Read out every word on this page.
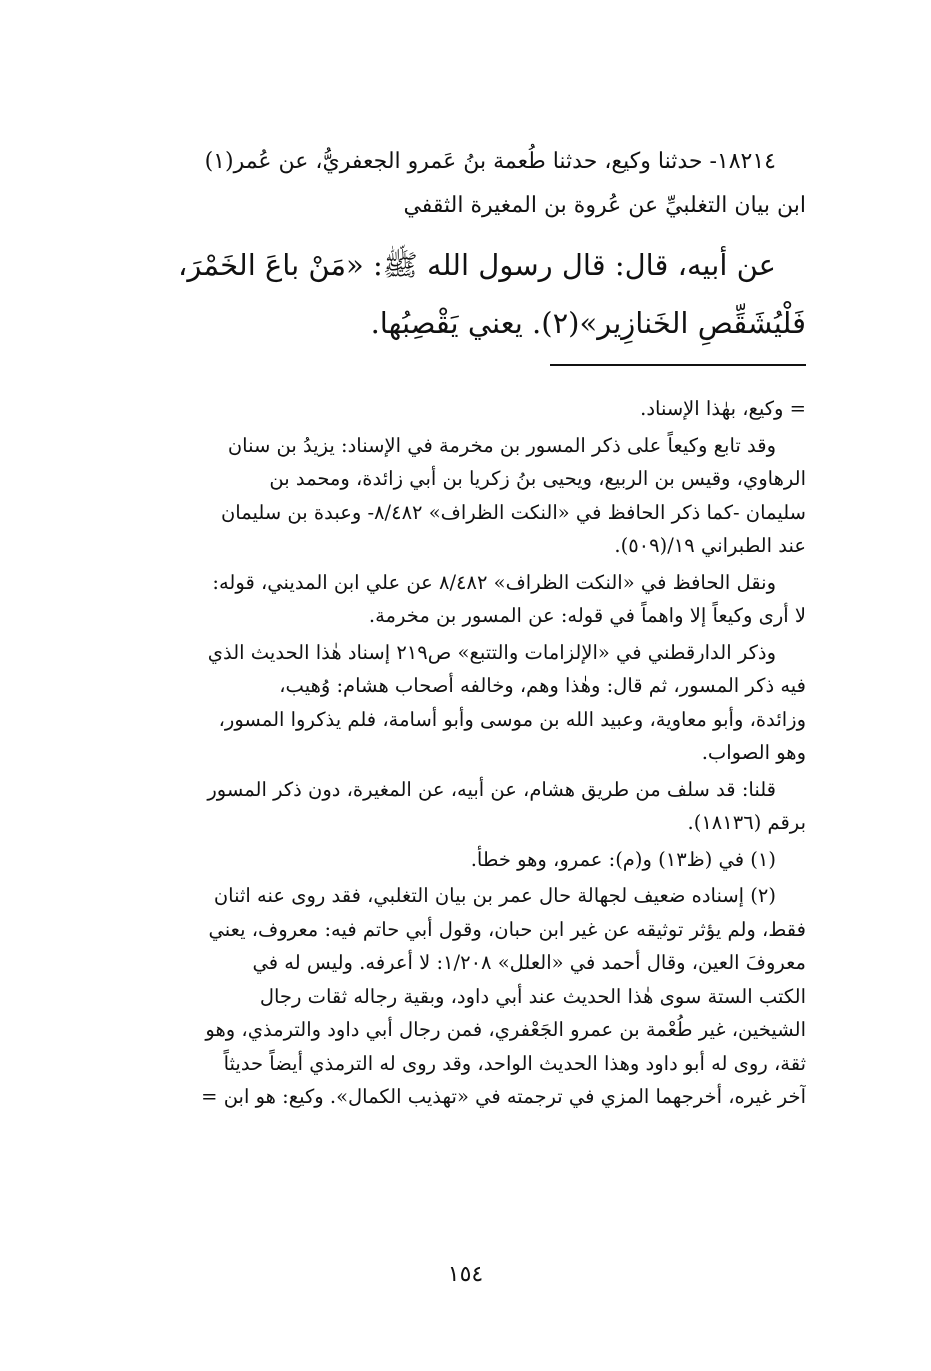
١٨٢١٤- حدثنا وكيع، حدثنا طُعمة بنُ عَمرو الجعفريُّ، عن عُمر(١)
ابن بيان التغلبيِّ عن عُروة بن المغيرة الثقفي
عن أبيه، قال: قال رسول الله ﷺ: «مَنْ باعَ الخَمْرَ،
فَلْيُشَقِّصِ الخَنازِير»(٢). يعني يَقْصِبُها.
= وكيع، بهٰذا الإسناد.
وقد تابع وكيعاً على ذكر المسور بن مخرمة في الإسناد: يزيدُ بن سنان
الرهاوي، وقيس بن الربيع، ويحيى بنُ زكريا بن أبي زائدة، ومحمد بن
سليمان -كما ذكر الحافظ في «النكت الظراف» ٨/٤٨٢- وعبدة بن سليمان
عند الطبراني ١٩/(٥٠٩).
ونقل الحافظ في «النكت الظراف» ٨/٤٨٢ عن علي ابن المديني، قوله:
لا أرى وكيعاً إلا واهماً في قوله: عن المسور بن مخرمة.
وذكر الدارقطني في «الإلزامات والتتبع» ص٢١٩ إسناد هٰذا الحديث الذي
فيه ذكر المسور، ثم قال: وهٰذا وهم، وخالفه أصحاب هشام: وُهيب،
وزائدة، وأبو معاوية، وعبيد الله بن موسى وأبو أسامة، فلم يذكروا المسور،
وهو الصواب.
قلنا: قد سلف من طريق هشام، عن أبيه، عن المغيرة، دون ذكر المسور
برقم (١٨١٣٦).
(١) في (ظ١٣) و(م): عمرو، وهو خطأ.
(٢) إسناده ضعيف لجهالة حال عمر بن بيان التغلبي، فقد روى عنه اثنان
فقط، ولم يؤثر توثيقه عن غير ابن حبان، وقول أبي حاتم فيه: معروف، يعني
معروفَ العين، وقال أحمد في «العلل» ١/٢٠٨: لا أعرفه. وليس له في
الكتب الستة سوى هٰذا الحديث عند أبي داود، وبقية رجاله ثقات رجال
الشيخين، غير طُعْمة بن عمرو الجَعْفري، فمن رجال أبي داود والترمذي، وهو
ثقة، روى له أبو داود وهذا الحديث الواحد، وقد روى له الترمذي أيضاً حديثاً
آخر غيره، أخرجهما المزي في ترجمته في «تهذيب الكمال». وكيع: هو ابن =
١٥٤
